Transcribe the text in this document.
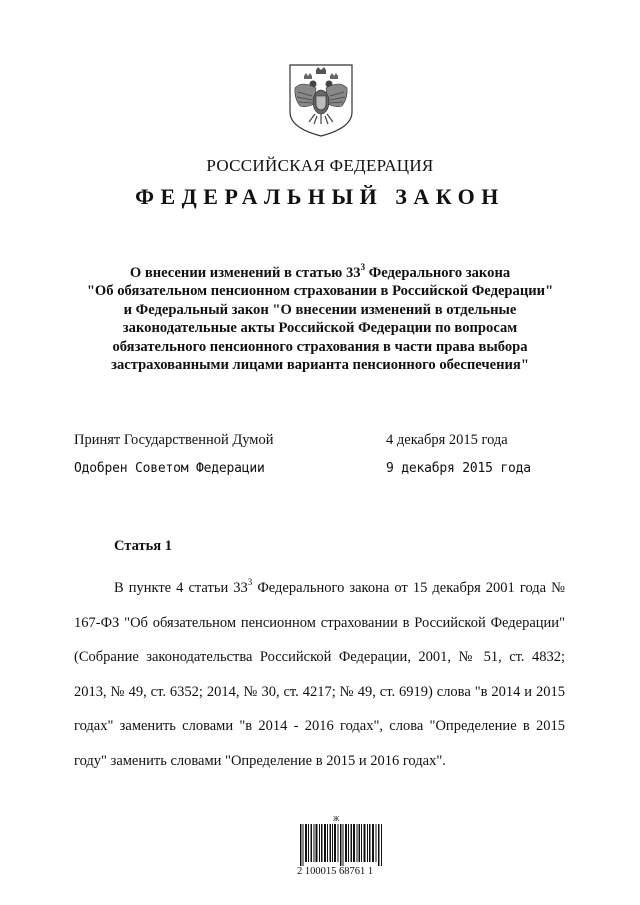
РОССИЙСКАЯ ФЕДЕРАЦИЯ
ФЕДЕРАЛЬНЫЙ ЗАКОН

О внесении изменений в статью $33^3$ Федерального закона

"Об обязательном пенсионном страховании в Российской Федерации"

и Федеральный закон "О внесении изменений в отдельные

законодательные акты Российской Федерации по вопросам

обязательного пенсионного страхования в части права выбора

застрахованными лицами варианта пенсионного обеспечения"

Принят Государственной Думой	4 декабря 2015 года
Одобрен Советом Федерации	9 декабря 2015 года
Статья 1

В пункте 4 статьи $33^3$ Федерального закона от 15 декабря 2001 года № 167-ФЗ "Об обязательном пенсионном страховании в Российской Федерации" (Собрание законодательства Российской Федерации, 2001, № 51, ст. 4832; 2013, № 49, ст. 6352; 2014, № 30, ст. 4217; № 49, ст. 6919) слова "в 2014 и 2015 годах" заменить словами "в 2014 - 2016 годах", слова "Определение в 2015 году" заменить словами "Определение в 2015 и 2016 годах".

Ж
2 100015 68761 1
